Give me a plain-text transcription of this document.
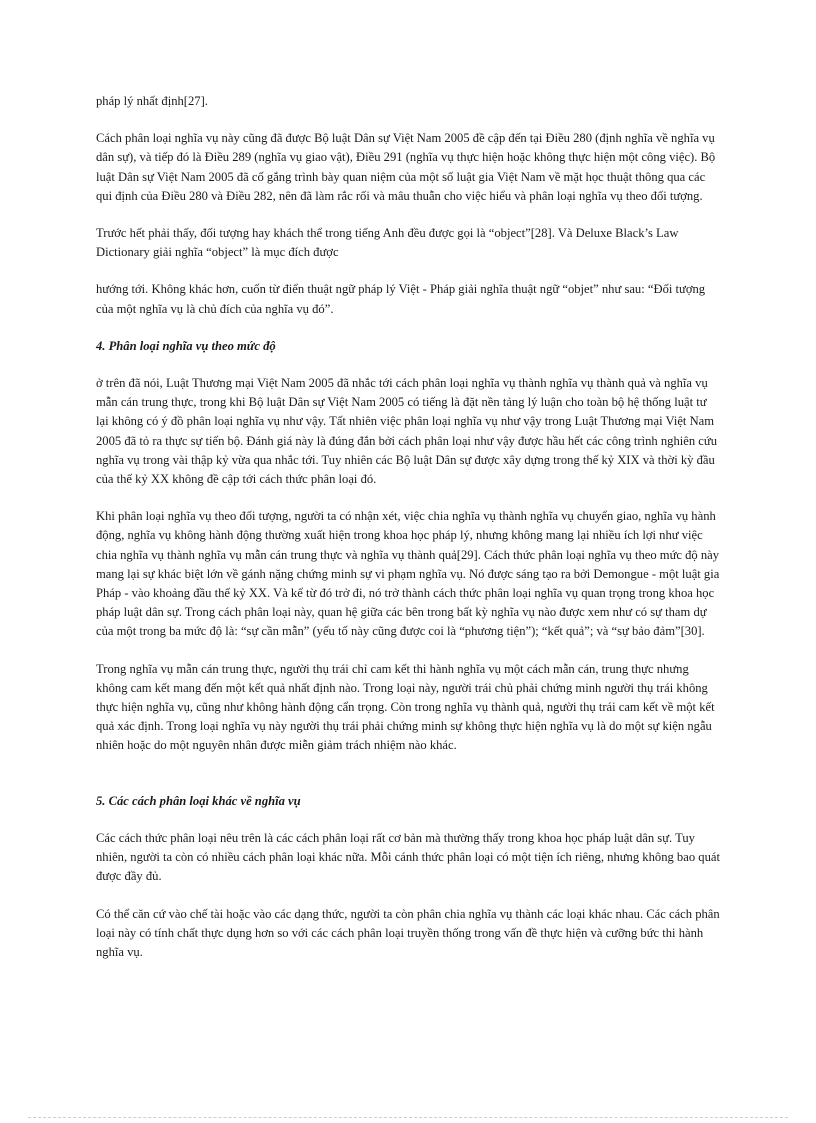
pháp lý nhất định[27].

Cách phân loại nghĩa vụ này cũng đã được Bộ luật Dân sự Việt Nam 2005 đề cập đến tại Điều 280 (định nghĩa về nghĩa vụ dân sự), và tiếp đó là Điều 289 (nghĩa vụ giao vật), Điều 291 (nghĩa vụ thực hiện hoặc không thực hiện một công việc). Bộ luật Dân sự Việt Nam 2005 đã cố gắng trình bày quan niệm của một số luật gia Việt Nam về mặt học thuật thông qua các qui định của Điều 280 và Điều 282, nên đã làm rắc rối và mâu thuẫn cho việc hiểu và phân loại nghĩa vụ theo đối tượng.

Trước hết phải thấy, đối tượng hay khách thể trong tiếng Anh đều được gọi là “object”[28]. Và Deluxe Black’s Law Dictionary giải nghĩa “object” là mục đích được

hướng tới. Không khác hơn, cuốn từ điển thuật ngữ pháp lý Việt - Pháp giải nghĩa thuật ngữ “objet” như sau: “Đối tượng của một nghĩa vụ là chủ đích của nghĩa vụ đó”.

4. Phân loại nghĩa vụ theo mức độ

ở trên đã nói, Luật Thương mại Việt Nam 2005 đã nhắc tới cách phân loại nghĩa vụ thành nghĩa vụ thành quả và nghĩa vụ mẫn cán trung thực, trong khi Bộ luật Dân sự Việt Nam 2005 có tiếng là đặt nền tảng lý luận cho toàn bộ hệ thống luật tư lại không có ý đồ phân loại nghĩa vụ như vậy. Tất nhiên việc phân loại nghĩa vụ như vậy trong Luật Thương mại Việt Nam 2005 đã tỏ ra thực sự tiến bộ. Đánh giá này là đúng đắn bởi cách phân loại như vậy được hầu hết các công trình nghiên cứu nghĩa vụ trong vài thập kỷ vừa qua nhắc tới. Tuy nhiên các Bộ luật Dân sự được xây dựng trong thế kỷ XIX và thời kỳ đầu của thế kỷ XX không đề cập tới cách thức phân loại đó.

Khi phân loại nghĩa vụ theo đối tượng, người ta có nhận xét, việc chia nghĩa vụ thành nghĩa vụ chuyển giao, nghĩa vụ hành động, nghĩa vụ không hành động thường xuất hiện trong khoa học pháp lý, nhưng không mang lại nhiều ích lợi như việc chia nghĩa vụ thành nghĩa vụ mẫn cán trung thực và nghĩa vụ thành quả[29]. Cách thức phân loại nghĩa vụ theo mức độ này mang lại sự khác biệt lớn về gánh nặng chứng minh sự vi phạm nghĩa vụ. Nó được sáng tạo ra bởi Demongue - một luật gia Pháp - vào khoảng đầu thế kỷ XX. Và kể từ đó trở đi, nó trở thành cách thức phân loại nghĩa vụ quan trọng trong khoa học pháp luật dân sự. Trong cách phân loại này, quan hệ giữa các bên trong bất kỳ nghĩa vụ nào được xem như có sự tham dự của một trong ba mức độ là: “sự cần mẫn” (yếu tố này cũng được coi là “phương tiện”); “kết quả”; và “sự bảo đảm”[30].

Trong nghĩa vụ mẫn cán trung thực, người thụ trái chỉ cam kết thi hành nghĩa vụ một cách mẫn cán, trung thực nhưng không cam kết mang đến một kết quả nhất định nào. Trong loại này, người trái chủ phải chứng minh người thụ trái không thực hiện nghĩa vụ, cũng như không hành động cẩn trọng. Còn trong nghĩa vụ thành quả, người thụ trái cam kết về một kết quả xác định. Trong loại nghĩa vụ này người thụ trái phải chứng minh sự không thực hiện nghĩa vụ là do một sự kiện ngẫu nhiên hoặc do một nguyên nhân được miễn giảm trách nhiệm nào khác.

5. Các cách phân loại khác về nghĩa vụ

Các cách thức phân loại nêu trên là các cách phân loại rất cơ bản mà thường thấy trong khoa học pháp luật dân sự. Tuy nhiên, người ta còn có nhiều cách phân loại khác nữa. Mỗi cánh thức phân loại có một tiện ích riêng, nhưng không bao quát được đầy đủ.

Có thể căn cứ vào chế tài hoặc vào các dạng thức, người ta còn phân chia nghĩa vụ thành các loại khác nhau. Các cách phân loại này có tính chất thực dụng hơn so với các cách phân loại truyền thống trong vấn đề thực hiện và cưỡng bức thi hành nghĩa vụ.
